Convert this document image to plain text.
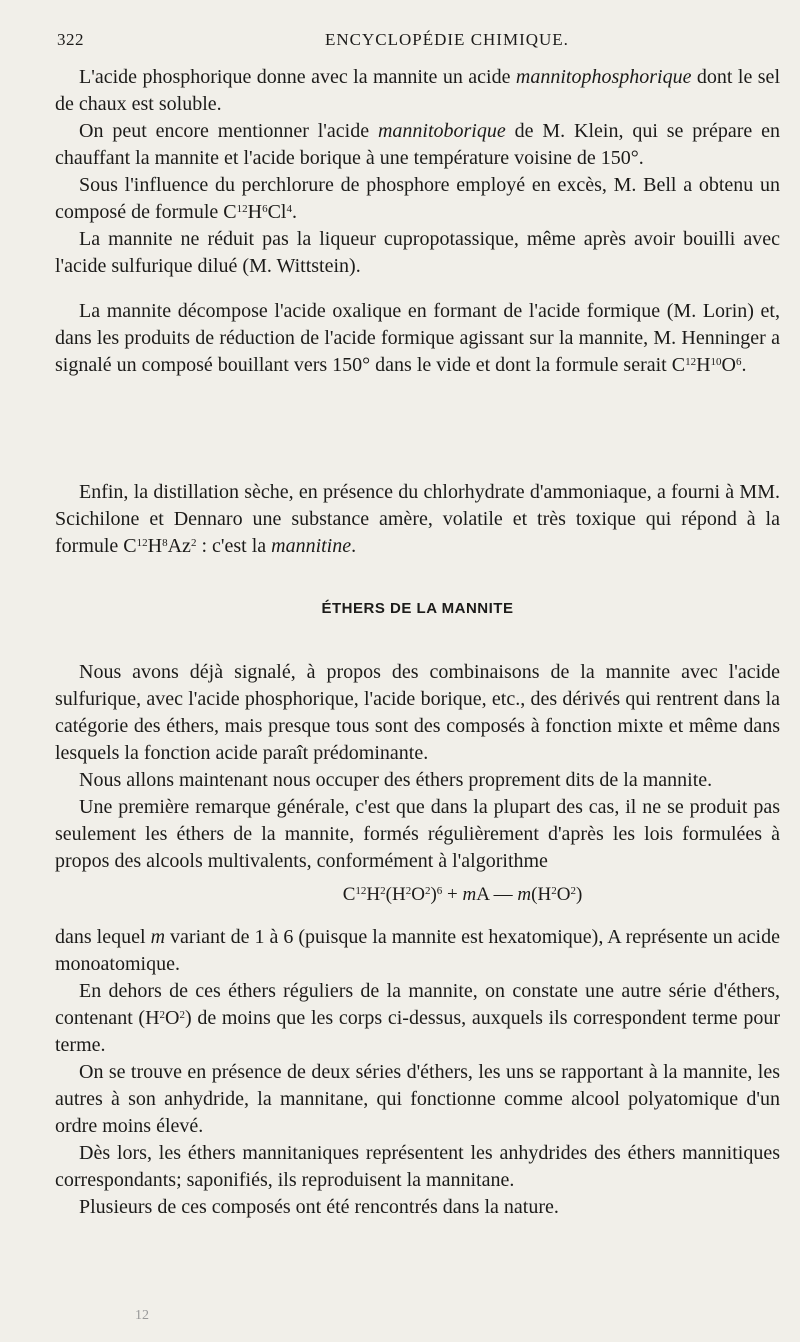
322	ENCYCLOPÉDIE CHIMIQUE.

L'acide phosphorique donne avec la mannite un acide mannitophosphorique dont le sel de chaux est soluble.

On peut encore mentionner l'acide mannitoborique de M. Klein, qui se prépare en chauffant la mannite et l'acide borique à une température voisine de 150°.

Sous l'influence du perchlorure de phosphore employé en excès, M. Bell a obtenu un composé de formule $C^{12}H^6Cl^4$.

La mannite ne réduit pas la liqueur cupropotassique, même après avoir bouilli avec l'acide sulfurique dilué (M. Wittstein).

La mannite décompose l'acide oxalique en formant de l'acide formique (M. Lorin) et, dans les produits de réduction de l'acide formique agissant sur la mannite, M. Henninger a signalé un composé bouillant vers 150° dans le vide et dont la formule serait $C^{12}H^{10}O^6$.

Enfin, la distillation sèche, en présence du chlorhydrate d'ammoniaque, a fourni à MM. Scichilone et Dennaro une substance amère, volatile et très toxique qui répond à la formule $C^{12}H^8Az^2$ : c'est la mannitine.

ÉTHERS DE LA MANNITE

Nous avons déjà signalé, à propos des combinaisons de la mannite avec l'acide sulfurique, avec l'acide phosphorique, l'acide borique, etc., des dérivés qui rentrent dans la catégorie des éthers, mais presque tous sont des composés à fonction mixte et même dans lesquels la fonction acide paraît prédominante.

Nous allons maintenant nous occuper des éthers proprement dits de la mannite.

Une première remarque générale, c'est que dans la plupart des cas, il ne se produit pas seulement les éthers de la mannite, formés régulièrement d'après les lois formulées à propos des alcools multivalents, conformément à l'algorithme

$C^{12}H^2(H^2O^2)^6$ + mA — $m(H^2O^2)$

dans lequel m variant de 1 à 6 (puisque la mannite est hexatomique), A représente un acide monoatomique.

En dehors de ces éthers réguliers de la mannite, on constate une autre série d'éthers, contenant $(H^2O^2)$ de moins que les corps ci-dessus, auxquels ils correspondent terme pour terme.

On se trouve en présence de deux séries d'éthers, les uns se rapportant à la mannite, les autres à son anhydride, la mannitane, qui fonctionne comme alcool polyatomique d'un ordre moins élevé.

Dès lors, les éthers mannitaniques représentent les anhydrides des éthers mannitiques correspondants; saponifiés, ils reproduisent la mannitane.

Plusieurs de ces composés ont été rencontrés dans la nature.

12
